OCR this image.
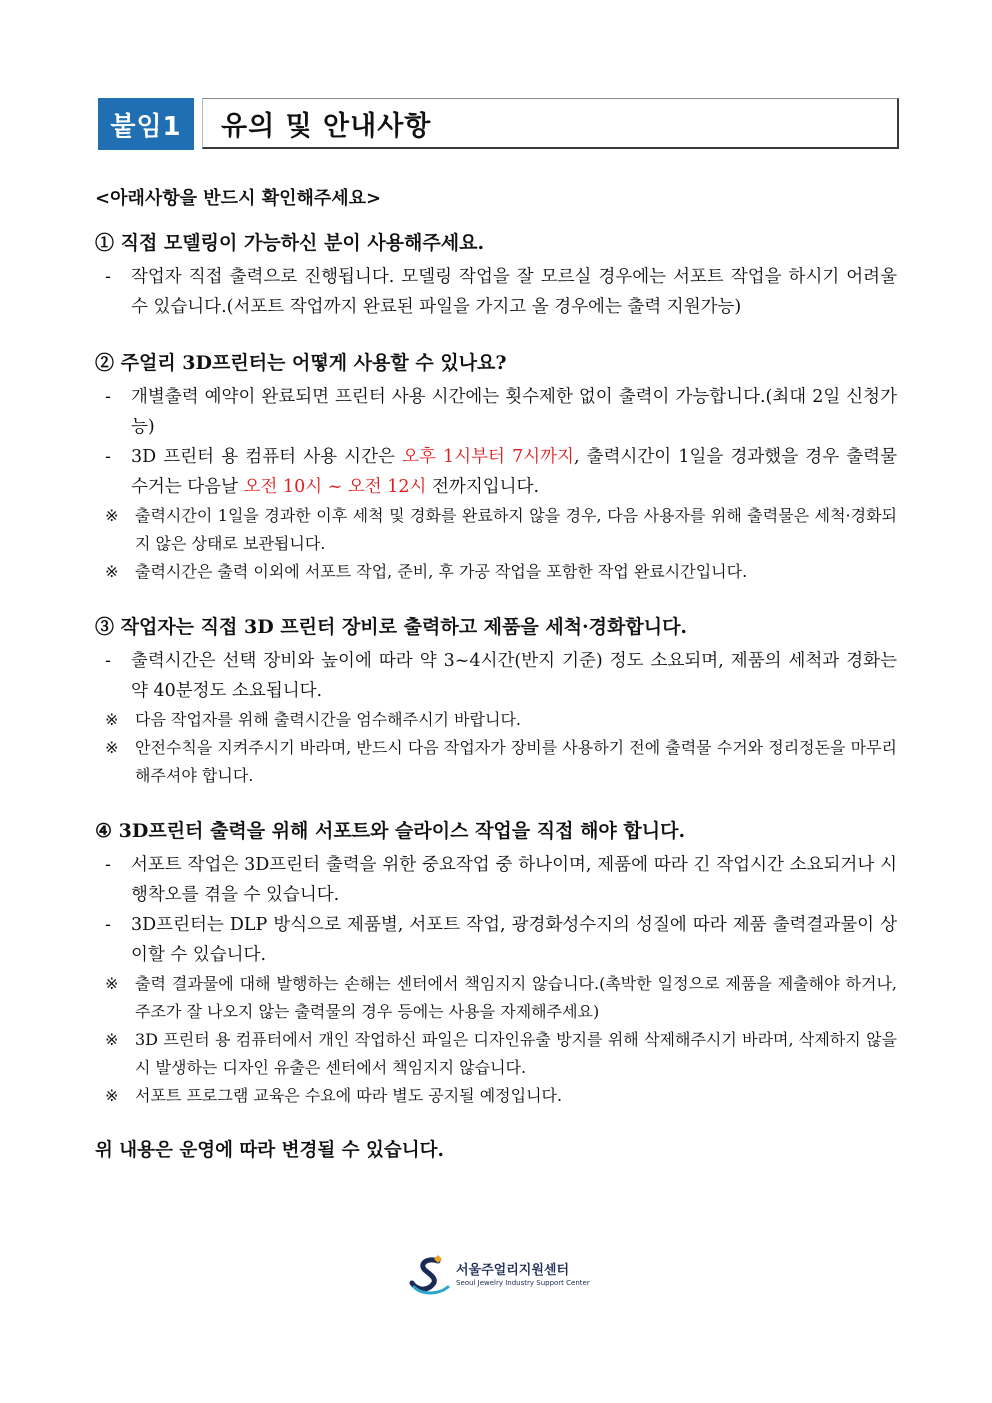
붙임1	유의 및 안내사항

<아래사항을 반드시 확인해주세요>

① 직접 모델링이 가능하신 분이 사용해주세요.

- 작업자 직접 출력으로 진행됩니다. 모델링 작업을 잘 모르실 경우에는 서포트 작업을 하시기 어려울 수 있습니다.(서포트 작업까지 완료된 파일을 가지고 올 경우에는 출력 지원가능)

② 주얼리 3D프린터는 어떻게 사용할 수 있나요?

- 개별출력 예약이 완료되면 프린터 사용 시간에는 횟수제한 없이 출력이 가능합니다.(최대 2일 신청가능)

- 3D 프린터 용 컴퓨터 사용 시간은 오후 1시부터 7시까지, 출력시간이 1일을 경과했을 경우 출력물 수거는 다음날 오전 10시 ~ 오전 12시 전까지입니다.

※ 출력시간이 1일을 경과한 이후 세척 및 경화를 완료하지 않을 경우, 다음 사용자를 위해 출력물은 세척·경화되지 않은 상태로 보관됩니다.

※ 출력시간은 출력 이외에 서포트 작업, 준비, 후 가공 작업을 포함한 작업 완료시간입니다.

③ 작업자는 직접 3D 프린터 장비로 출력하고 제품을 세척·경화합니다.

- 출력시간은 선택 장비와 높이에 따라 약 3~4시간(반지 기준) 정도 소요되며, 제품의 세척과 경화는 약 40분정도 소요됩니다.

※ 다음 작업자를 위해 출력시간을 엄수해주시기 바랍니다.

※ 안전수칙을 지켜주시기 바라며, 반드시 다음 작업자가 장비를 사용하기 전에 출력물 수거와 정리정돈을 마무리 해주셔야 합니다.

④ 3D프린터 출력을 위해 서포트와 슬라이스 작업을 직접 해야 합니다.

- 서포트 작업은 3D프린터 출력을 위한 중요작업 중 하나이며, 제품에 따라 긴 작업시간 소요되거나 시행착오를 겪을 수 있습니다.

- 3D프린터는 DLP 방식으로 제품별, 서포트 작업, 광경화성수지의 성질에 따라 제품 출력결과물이 상이할 수 있습니다.

※ 출력 결과물에 대해 발행하는 손해는 센터에서 책임지지 않습니다.(촉박한 일정으로 제품을 제출해야 하거나, 주조가 잘 나오지 않는 출력물의 경우 등에는 사용을 자제해주세요)

※ 3D 프린터 용 컴퓨터에서 개인 작업하신 파일은 디자인유출 방지를 위해 삭제해주시기 바라며, 삭제하지 않을 시 발생하는 디자인 유출은 센터에서 책임지지 않습니다.

※ 서포트 프로그램 교육은 수요에 따라 별도 공지될 예정입니다.

위 내용은 운영에 따라 변경될 수 있습니다.

서울주얼리지원센터
Seoul Jewelry Industry Support Center
